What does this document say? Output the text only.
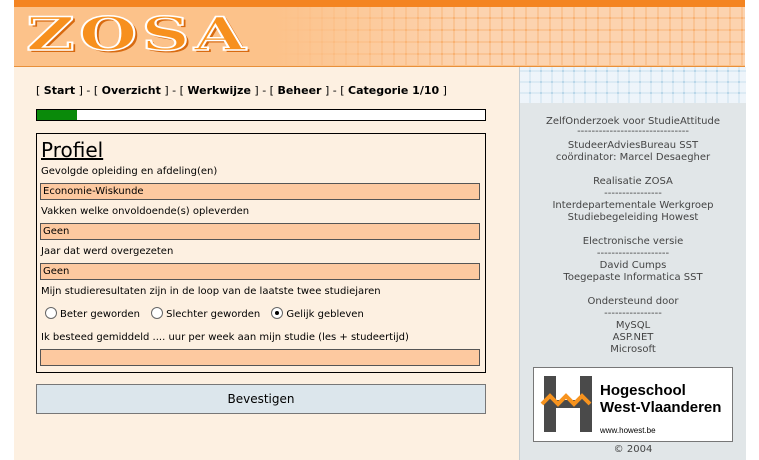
ZOSA
[ Start ] - [ Overzicht ] - [ Werkwijze ] - [ Beheer ] - [ Categorie 1/10 ]
Profiel
Gevolgde opleiding en afdeling(en)
Economie-Wiskunde
Vakken welke onvoldoende(s) opleverden
Geen
Jaar dat werd overgezeten
Geen
Mijn studieresultaten zijn in de loop van de laatste twee studiejaren
Beter geworden	Slechter geworden	Gelijk gebleven
Ik besteed gemiddeld .... uur per week aan mijn studie (les + studeertijd)
Bevestigen
ZelfOnderzoek voor StudieAttitude
-------------------------------
StudeerAdviesBureau SST
coördinator: Marcel Desaegher
Realisatie ZOSA
----------------
Interdepartementale Werkgroep
Studiebegeleiding Howest
Electronische versie
--------------------
David Cumps
Toegepaste Informatica SST
Ondersteund door
----------------
MySQL
ASP.NET
Microsoft
Hogeschool
West-Vlaanderen
www.howest.be
© 2004
